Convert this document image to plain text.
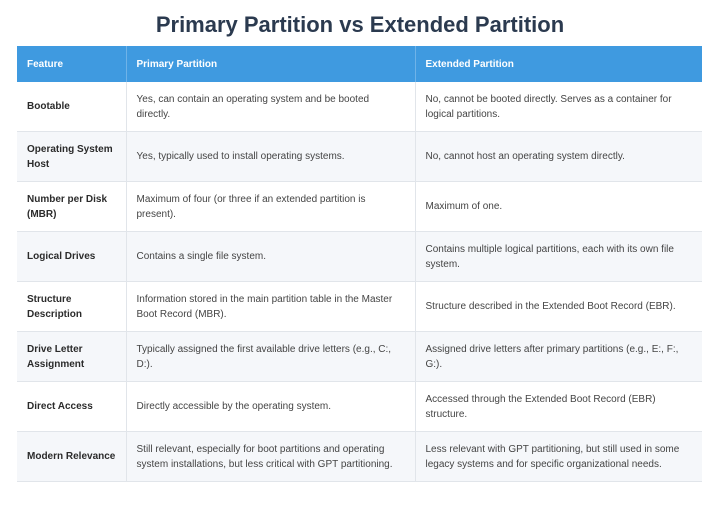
Primary Partition vs Extended Partition
Feature	Primary Partition	Extended Partition
Bootable	Yes, can contain an operating system and be booted directly.	No, cannot be booted directly. Serves as a container for logical partitions.
Operating System Host	Yes, typically used to install operating systems.	No, cannot host an operating system directly.
Number per Disk (MBR)	Maximum of four (or three if an extended partition is present).	Maximum of one.
Logical Drives	Contains a single file system.	Contains multiple logical partitions, each with its own file system.
Structure Description	Information stored in the main partition table in the Master Boot Record (MBR).	Structure described in the Extended Boot Record (EBR).
Drive Letter Assignment	Typically assigned the first available drive letters (e.g., C:, D:).	Assigned drive letters after primary partitions (e.g., E:, F:, G:).
Direct Access	Directly accessible by the operating system.	Accessed through the Extended Boot Record (EBR) structure.
Modern Relevance	Still relevant, especially for boot partitions and operating system installations, but less critical with GPT partitioning.	Less relevant with GPT partitioning, but still used in some legacy systems and for specific organizational needs.
